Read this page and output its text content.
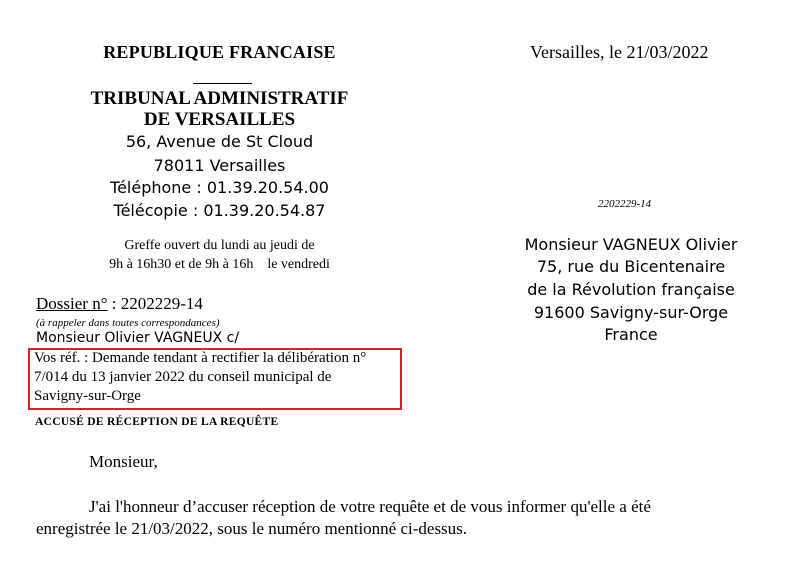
REPUBLIQUE FRANCAISE
TRIBUNAL ADMINISTRATIF
DE VERSAILLES
56, Avenue de St Cloud
78011 Versailles
Téléphone : 01.39.20.54.00
Télécopie : 01.39.20.54.87
Greffe ouvert du lundi au jeudi de
9h à 16h30 et de 9h à 16h    le vendredi
Versailles, le 21/03/2022
2202229-14
Monsieur VAGNEUX Olivier
75, rue du Bicentenaire
de la Révolution française
91600 Savigny-sur-Orge
France
Dossier n° : 2202229-14
(à rappeler dans toutes correspondances)
Monsieur Olivier VAGNEUX c/
Vos réf. : Demande tendant à rectifier la délibération n°
7/014 du 13 janvier 2022 du conseil municipal de
Savigny-sur-Orge
ACCUSÉ DE RÉCEPTION DE LA REQUÊTE
Monsieur,
J'ai l'honneur d’accuser réception de votre requête et de vous informer qu'elle a été
enregistrée le 21/03/2022, sous le numéro mentionné ci-dessus.
